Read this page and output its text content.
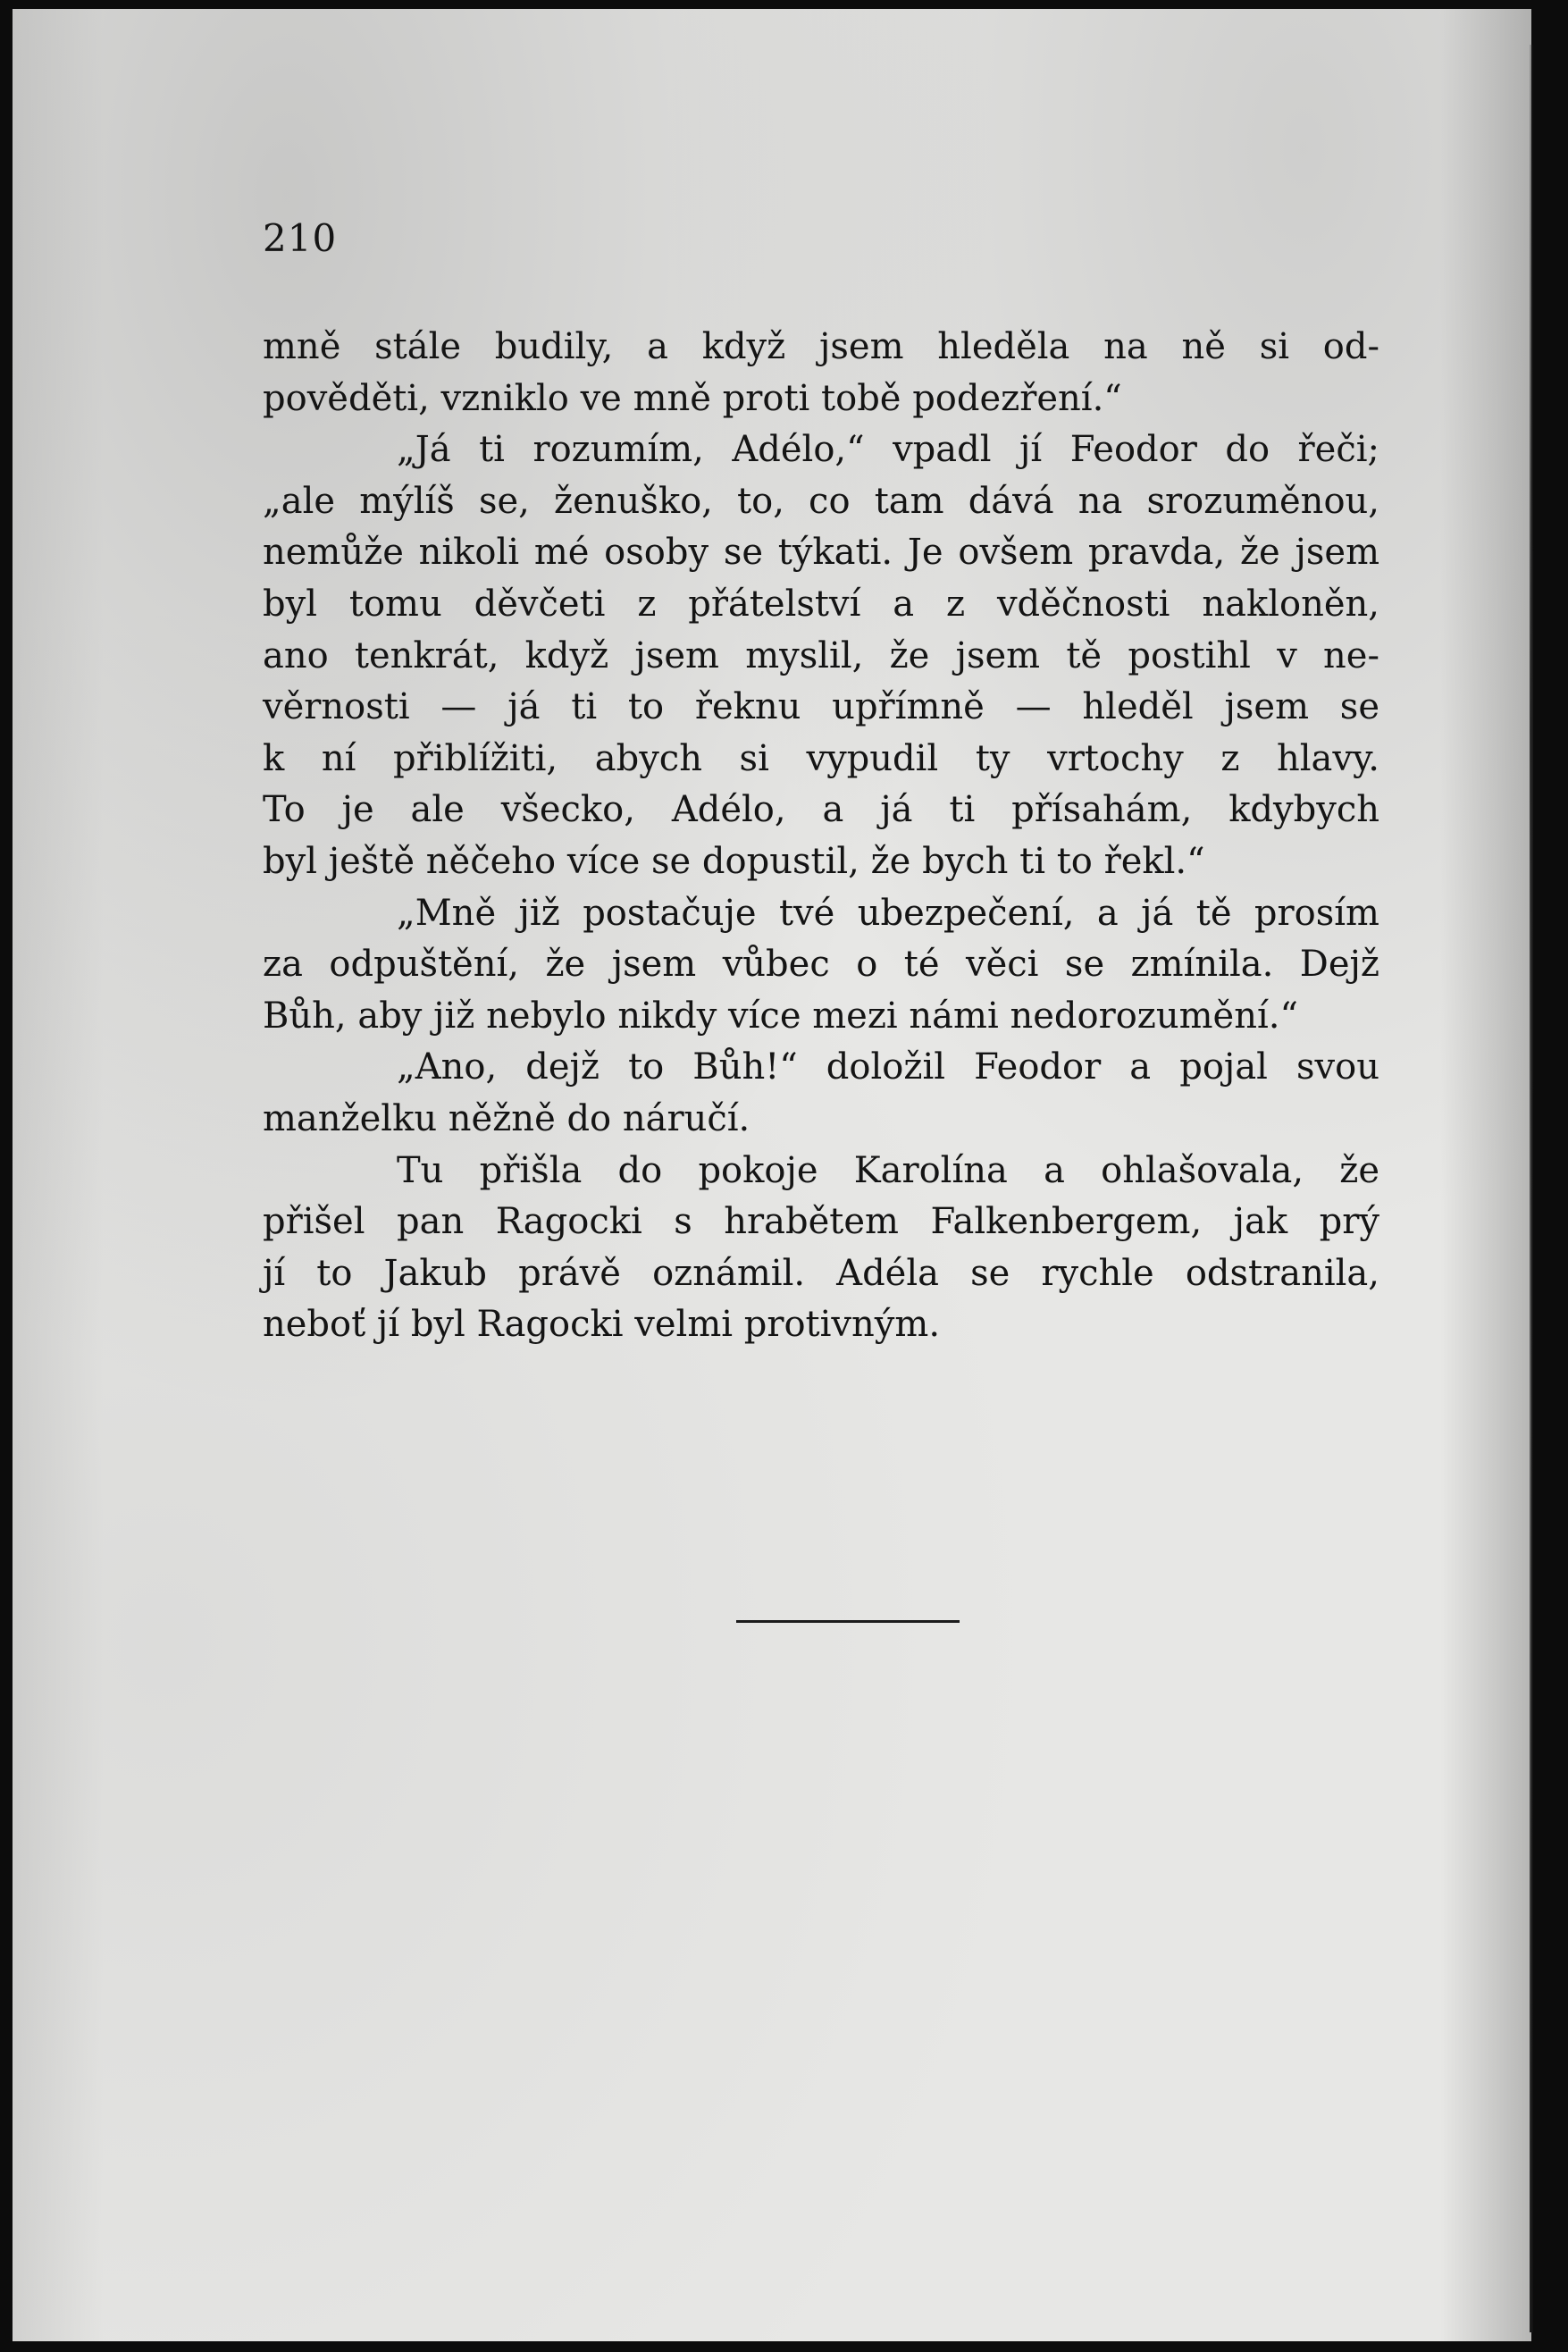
210
mně stále budily, a když jsem hleděla na ně si od-
pověděti, vzniklo ve mně proti tobě podezření.“
„Já ti rozumím, Adélo,“ vpadl jí Feodor do řeči;
„ale mýlíš se, ženuško, to, co tam dává na srozuměnou,
nemůže nikoli mé osoby se týkati. Je ovšem pravda, že jsem
byl tomu děvčeti z přátelství a z vděčnosti nakloněn,
ano tenkrát, když jsem myslil, že jsem tě postihl v ne-
věrnosti — já ti to řeknu upřímně — hleděl jsem se
k ní přiblížiti, abych si vypudil ty vrtochy z hlavy.
To je ale všecko, Adélo, a já ti přísahám, kdybych
byl ještě něčeho více se dopustil, že bych ti to řekl.“
„Mně již postačuje tvé ubezpečení, a já tě prosím
za odpuštění, že jsem vůbec o té věci se zmínila. Dejž
Bůh, aby již nebylo nikdy více mezi námi nedorozumění.“
„Ano, dejž to Bůh!“ doložil Feodor a pojal svou
manželku něžně do náručí.
Tu přišla do pokoje Karolína a ohlašovala, že
přišel pan Ragocki s hrabětem Falkenbergem, jak prý
jí to Jakub právě oznámil. Adéla se rychle odstranila,
neboť jí byl Ragocki velmi protivným.
